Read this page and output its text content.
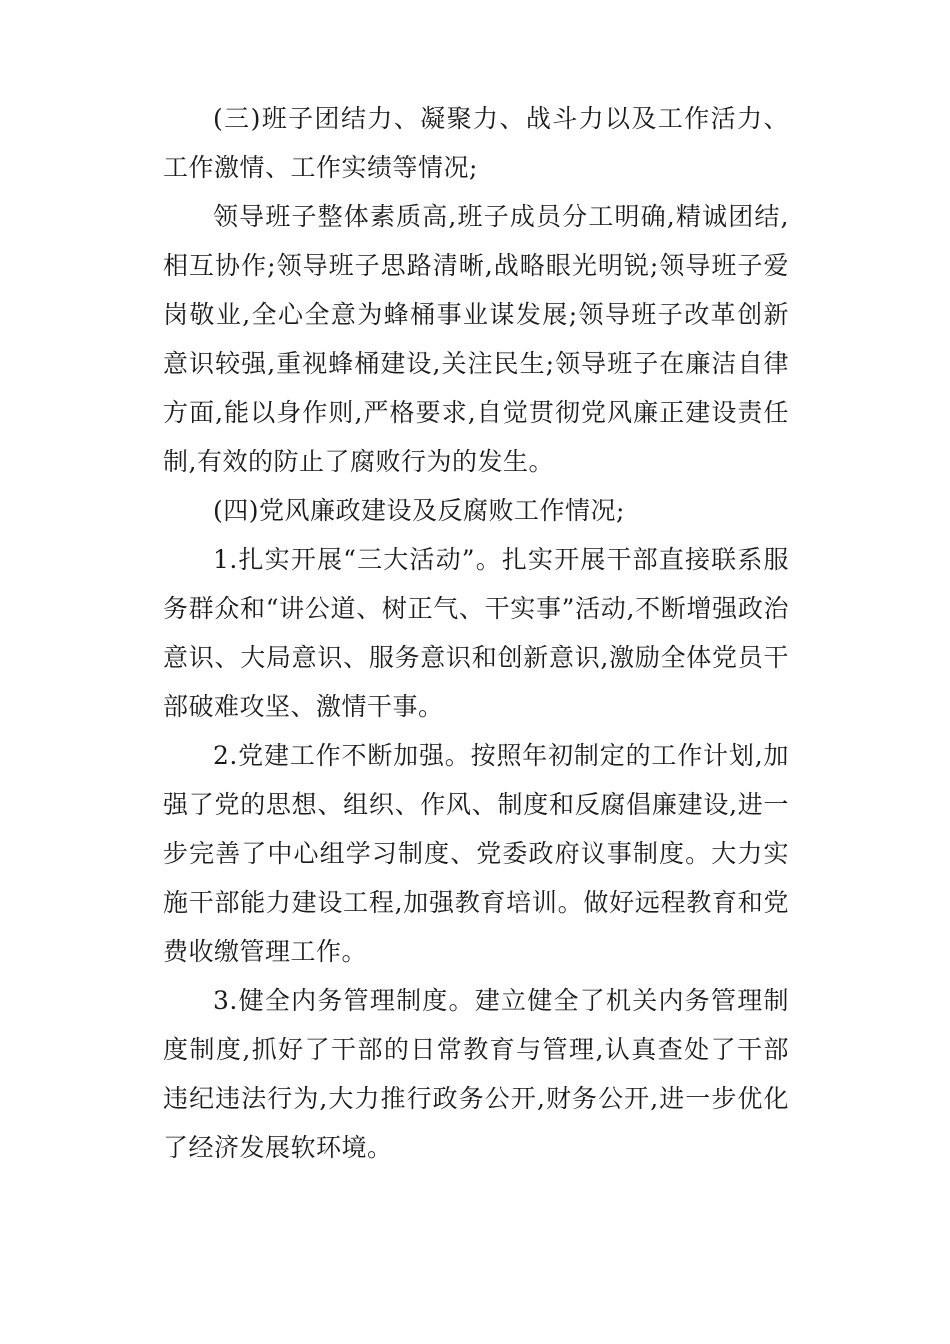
(三)班子团结力、凝聚力、战斗力以及工作活力、工作激情、工作实绩等情况;

领导班子整体素质高,班子成员分工明确,精诚团结,相互协作;领导班子思路清晰,战略眼光明锐;领导班子爱岗敬业,全心全意为蜂桶事业谋发展;领导班子改革创新意识较强,重视蜂桶建设,关注民生;领导班子在廉洁自律方面,能以身作则,严格要求,自觉贯彻党风廉正建设责任制,有效的防止了腐败行为的发生。

(四)党风廉政建设及反腐败工作情况;

1.扎实开展“三大活动”。扎实开展干部直接联系服务群众和“讲公道、树正气、干实事”活动,不断增强政治意识、大局意识、服务意识和创新意识,激励全体党员干部破难攻坚、激情干事。

2.党建工作不断加强。按照年初制定的工作计划,加强了党的思想、组织、作风、制度和反腐倡廉建设,进一步完善了中心组学习制度、党委政府议事制度。大力实施干部能力建设工程,加强教育培训。做好远程教育和党费收缴管理工作。

3.健全内务管理制度。建立健全了机关内务管理制度制度,抓好了干部的日常教育与管理,认真查处了干部违纪违法行为,大力推行政务公开,财务公开,进一步优化了经济发展软环境。
